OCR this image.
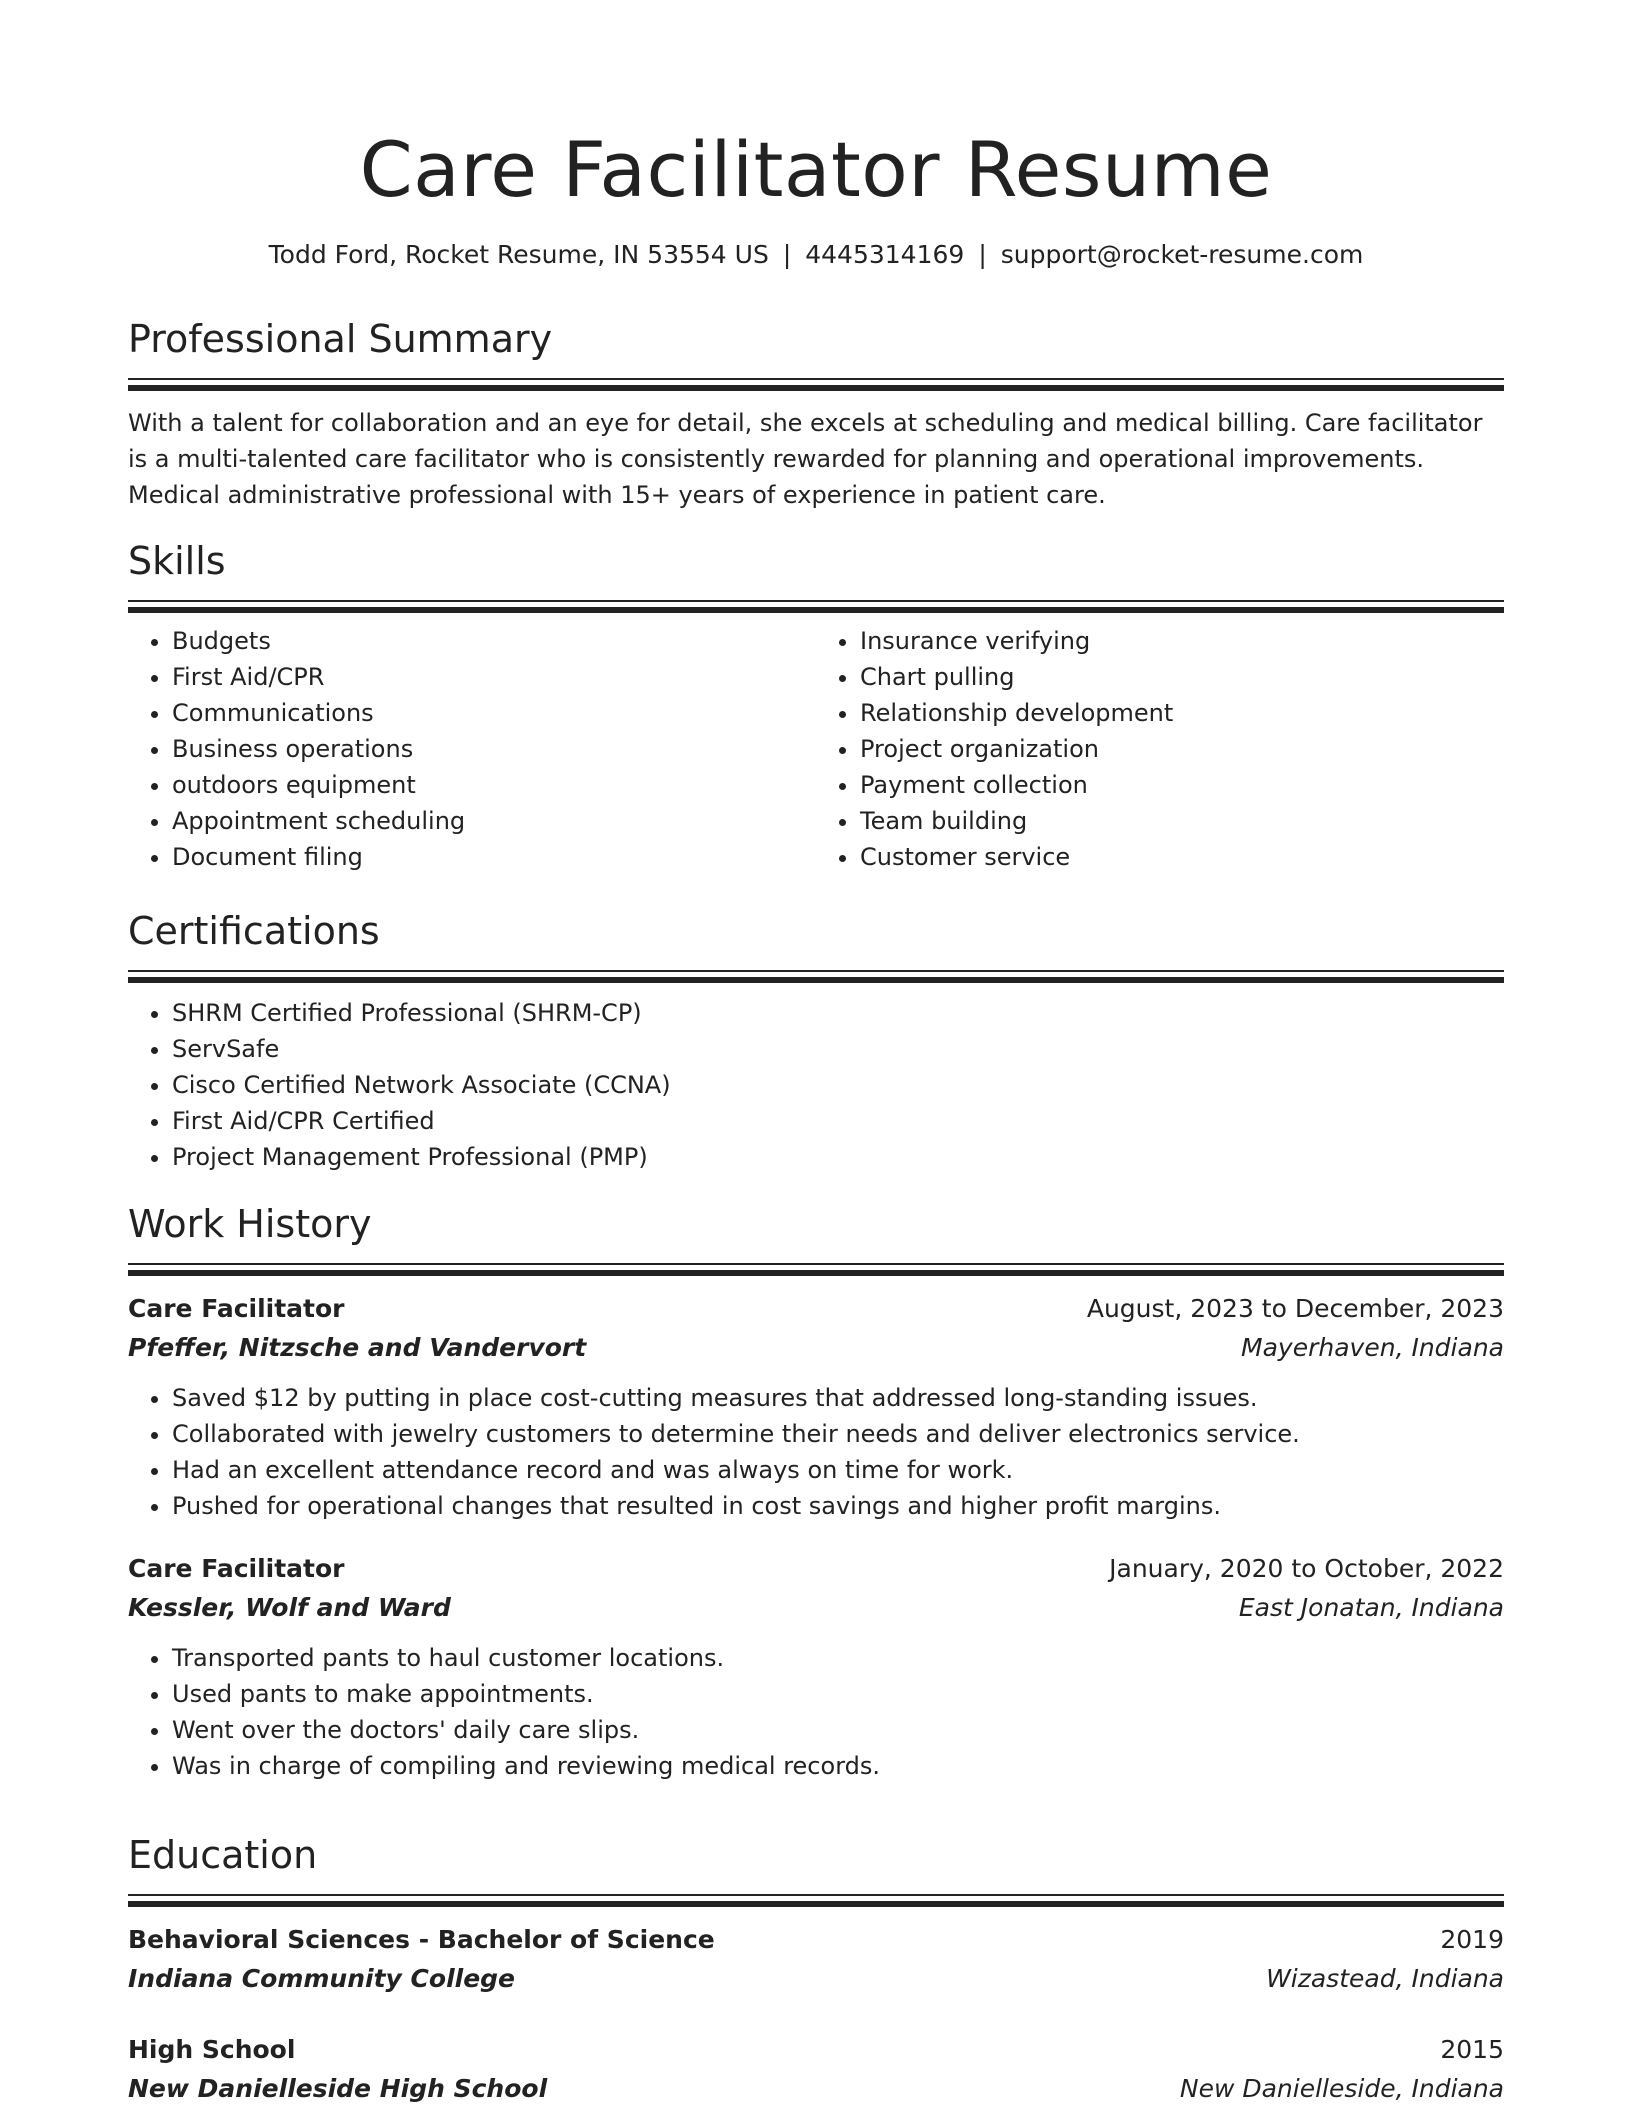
Care Facilitator Resume
Todd Ford, Rocket Resume, IN 53554 US | 4445314169 | support@rocket-resume.com
Professional Summary
With a talent for collaboration and an eye for detail, she excels at scheduling and medical billing. Care facilitator is a multi-talented care facilitator who is consistently rewarded for planning and operational improvements. Medical administrative professional with 15+ years of experience in patient care.
Skills
• Budgets
• First Aid/CPR
• Communications
• Business operations
• outdoors equipment
• Appointment scheduling
• Document filing
• Insurance verifying
• Chart pulling
• Relationship development
• Project organization
• Payment collection
• Team building
• Customer service
Certifications
• SHRM Certified Professional (SHRM-CP)
• ServSafe
• Cisco Certified Network Associate (CCNA)
• First Aid/CPR Certified
• Project Management Professional (PMP)
Work History
Care Facilitator	August, 2023 to December, 2023
Pfeffer, Nitzsche and Vandervort	Mayerhaven, Indiana
• Saved $12 by putting in place cost-cutting measures that addressed long-standing issues.
• Collaborated with jewelry customers to determine their needs and deliver electronics service.
• Had an excellent attendance record and was always on time for work.
• Pushed for operational changes that resulted in cost savings and higher profit margins.
Care Facilitator	January, 2020 to October, 2022
Kessler, Wolf and Ward	East Jonatan, Indiana
• Transported pants to haul customer locations.
• Used pants to make appointments.
• Went over the doctors' daily care slips.
• Was in charge of compiling and reviewing medical records.
Education
Behavioral Sciences - Bachelor of Science	2019
Indiana Community College	Wizastead, Indiana
High School	2015
New Danielleside High School	New Danielleside, Indiana
